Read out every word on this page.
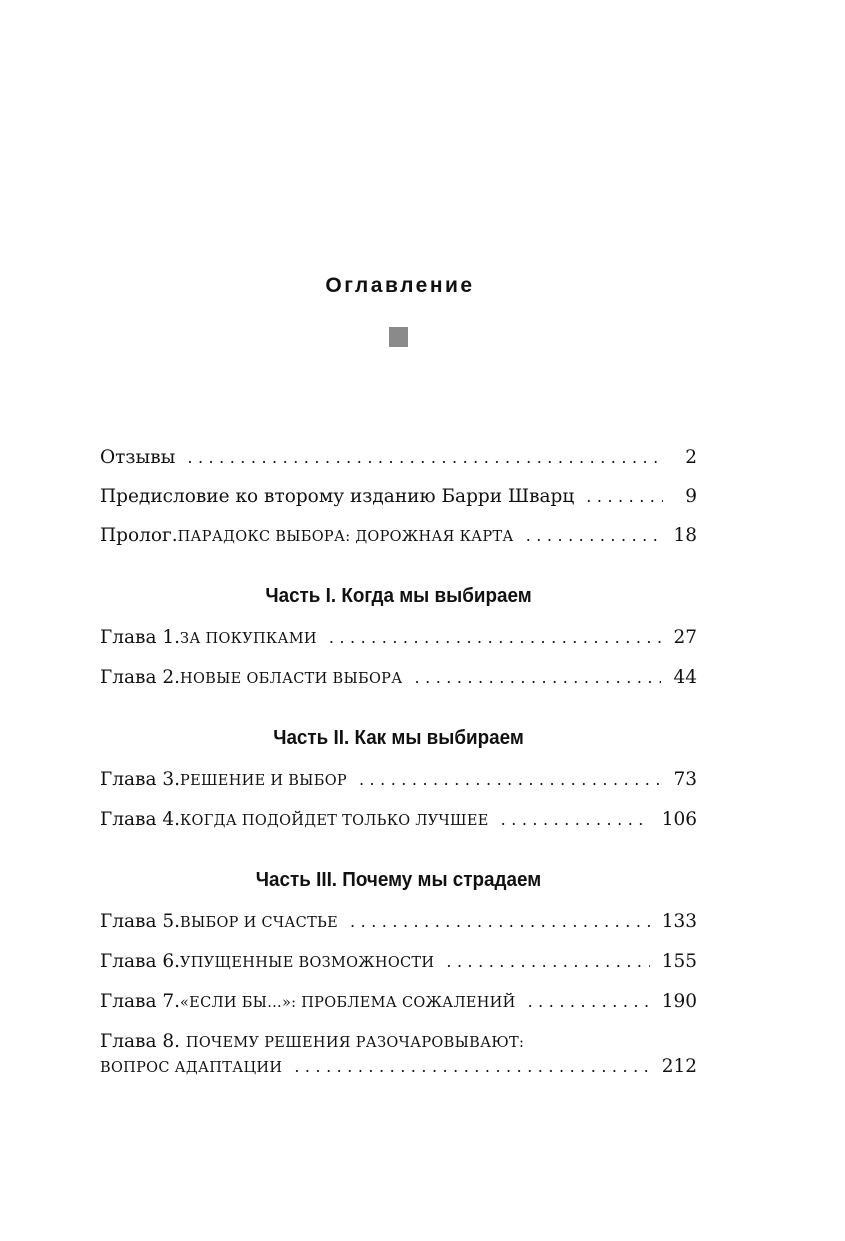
Оглавление
Отзывы .....	2
Предисловие ко второму изданию Барри Шварц .....	9
Пролог. ПАРАДОКС ВЫБОРА: ДОРОЖНАЯ КАРТА .....	18
Часть I. Когда мы выбираем
Глава 1. ЗА ПОКУПКАМИ .....	27
Глава 2. НОВЫЕ ОБЛАСТИ ВЫБОРА .....	44
Часть II. Как мы выбираем
Глава 3. РЕШЕНИЕ И ВЫБОР .....	73
Глава 4. КОГДА ПОДОЙДЕТ ТОЛЬКО ЛУЧШЕЕ .....	106
Часть III. Почему мы страдаем
Глава 5. ВЫБОР И СЧАСТЬЕ .....	133
Глава 6. УПУЩЕННЫЕ ВОЗМОЖНОСТИ .....	155
Глава 7. «ЕСЛИ БЫ...»: ПРОБЛЕМА СОЖАЛЕНИЙ .....	190
Глава 8. ПОЧЕМУ РЕШЕНИЯ РАЗОЧАРОВЫВАЮТ:
ВОПРОС АДАПТАЦИИ .....	212
